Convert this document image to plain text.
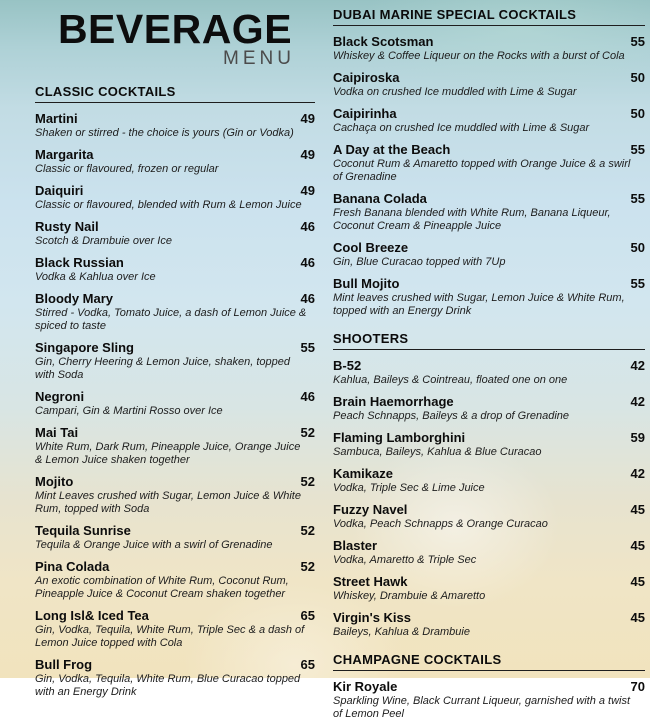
BEVERAGE
MENU
CLASSIC COCKTAILS
Martini	49
Shaken or stirred - the choice is yours (Gin or Vodka)
Margarita	49
Classic or flavoured, frozen or regular
Daiquiri	49
Classic or flavoured, blended with Rum & Lemon Juice
Rusty Nail	46
Scotch & Drambuie over Ice
Black Russian	46
Vodka & Kahlua over Ice
Bloody Mary	46
Stirred - Vodka, Tomato Juice, a dash of Lemon Juice & spiced to taste
Singapore Sling	55
Gin, Cherry Heering & Lemon Juice, shaken, topped with Soda
Negroni	46
Campari, Gin & Martini Rosso over Ice
Mai Tai	52
White Rum, Dark Rum, Pineapple Juice, Orange Juice & Lemon Juice shaken together
Mojito	52
Mint Leaves crushed with Sugar, Lemon Juice & White Rum, topped with Soda
Tequila Sunrise	52
Tequila & Orange Juice with a swirl of Grenadine
Pina Colada	52
An exotic combination of White Rum, Coconut Rum, Pineapple Juice & Coconut Cream shaken together
Long Isl& Iced Tea	65
Gin, Vodka, Tequila, White Rum, Triple Sec & a dash of Lemon Juice topped with Cola
Bull Frog	65
Gin, Vodka, Tequila, White Rum, Blue Curacao topped with an Energy Drink
DUBAI MARINE SPECIAL COCKTAILS
Black Scotsman	55
Whiskey & Coffee Liqueur on the Rocks with a burst of Cola
Caipiroska	50
Vodka on crushed Ice muddled with Lime & Sugar
Caipirinha	50
Cachaça on crushed Ice muddled with Lime & Sugar
A Day at the Beach	55
Coconut Rum & Amaretto topped with Orange Juice & a swirl of Grenadine
Banana Colada	55
Fresh Banana blended with White Rum, Banana Liqueur, Coconut Cream & Pineapple Juice
Cool Breeze	50
Gin, Blue Curacao topped with 7Up
Bull Mojito	55
Mint leaves crushed with Sugar, Lemon Juice & White Rum, topped with an Energy Drink
SHOOTERS
B-52	42
Kahlua, Baileys & Cointreau, floated one on one
Brain Haemorrhage	42
Peach Schnapps, Baileys & a drop of Grenadine
Flaming Lamborghini	59
Sambuca, Baileys, Kahlua & Blue Curacao
Kamikaze	42
Vodka, Triple Sec & Lime Juice
Fuzzy Navel	45
Vodka, Peach Schnapps & Orange Curacao
Blaster	45
Vodka, Amaretto & Triple Sec
Street Hawk	45
Whiskey, Drambuie & Amaretto
Virgin's Kiss	45
Baileys, Kahlua & Drambuie
CHAMPAGNE COCKTAILS
Kir Royale	70
Sparkling Wine, Black Currant Liqueur, garnished with a twist of Lemon Peel
